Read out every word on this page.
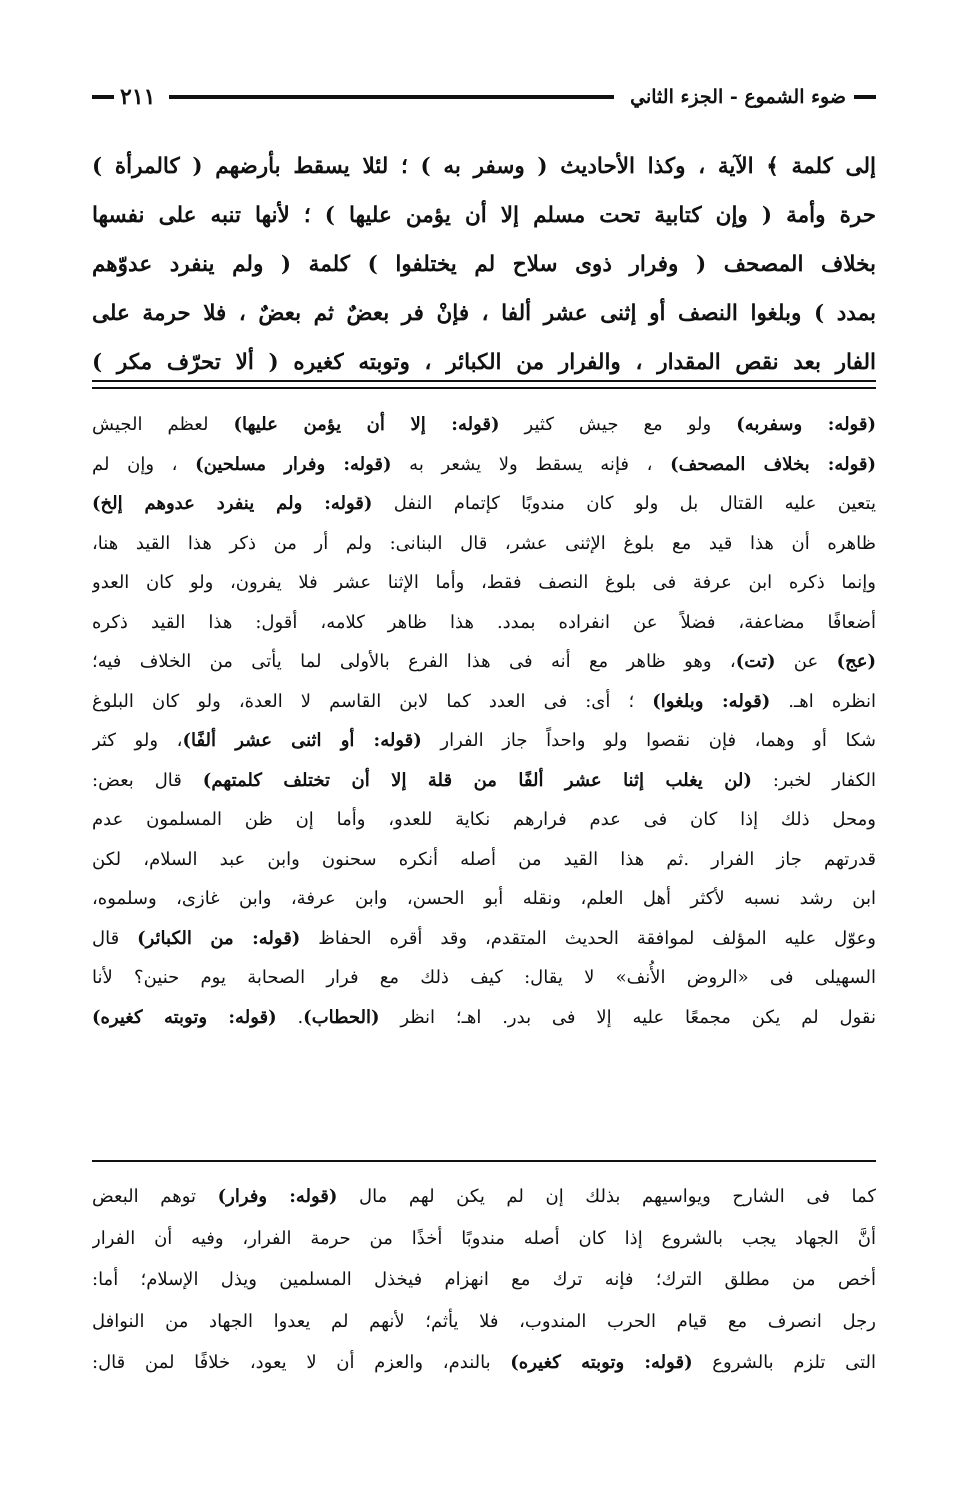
ضوء الشموع - الجزء الثاني
٢١١
إلى كلمة ﴾ الآية ، وكذا الأحاديث ( وسفر به ) ؛ لئلا يسقط بأرضهم ( كالمرأة )
حرة وأمة ( وإن كتابية تحت مسلم إلا أن يؤمن عليها ) ؛ لأنها تنبه على نفسها
بخلاف المصحف ( وفرار ذوى سلاح لم يختلفوا ) كلمة ( ولم ينفرد عدوّهم
بمدد ) وبلغوا النصف أو إثنى عشر ألفا ، فإنْ فر بعضٌ ثم بعضٌ ، فلا حرمة على
الفار بعد نقص المقدار ، والفرار من الكبائر ، وتوبته كغيره ( ألا تحرّف مكر )
(قوله: وسفربه) ولو مع جيش كثير (قوله: إلا أن يؤمن عليها) لعظم الجيش
(قوله: بخلاف المصحف) ، فإنه يسقط ولا يشعر به (قوله: وفرار مسلحين) ، وإن لم
يتعين عليه القتال بل ولو كان مندوبًا كإتمام النفل (قوله: ولم ينفرد عدوهم إلخ)
ظاهره أن هذا قيد مع بلوغ الإثنى عشر، قال البنانى: ولم أر من ذكر هذا القيد هنا،
وإنما ذكره ابن عرفة فى بلوغ النصف فقط، وأما الإثنا عشر فلا يفرون، ولو كان العدو
أضعافًا مضاعفة، فضلاً عن انفراده بمدد. هذا ظاهر كلامه، أقول: هذا القيد ذكره
(عج) عن (تت)، وهو ظاهر مع أنه فى هذا الفرع بالأولى لما يأتى من الخلاف فيه؛
انظره اهـ. (قوله: وبلغوا) ؛ أى: فى العدد كما لابن القاسم لا العدة، ولو كان البلوغ
شكا أو وهما، فإن نقصوا ولو واحداً جاز الفرار (قوله: أو اثنى عشر ألفًا)، ولو كثر
الكفار لخبر: (لن يغلب إثنا عشر ألفًا من قلة إلا أن تختلف كلمتهم) قال بعض:
ومحل ذلك إذا كان فى عدم فرارهم نكاية للعدو، وأما إن ظن المسلمون عدم
قدرتهم جاز الفرار .ثم هذا القيد من أصله أنكره سحنون وابن عبد السلام، لكن
ابن رشد نسبه لأكثر أهل العلم، ونقله أبو الحسن، وابن عرفة، وابن غازى، وسلموه،
وعوّل عليه المؤلف لموافقة الحديث المتقدم، وقد أقره الحفاظ (قوله: من الكبائر) قال
السهيلى فى «الروض الأُنف» لا يقال: كيف ذلك مع فرار الصحابة يوم حنين؟ لأنا
نقول لم يكن مجمعًا عليه إلا فى بدر. اهـ؛ انظر (الحطاب). (قوله: وتوبته كغيره)
كما فى الشارح ويواسيهم بذلك إن لم يكن لهم مال (قوله: وفرار) توهم البعض
أنَّ الجهاد يجب بالشروع إذا كان أصله مندوبًا أخذًا من حرمة الفرار، وفيه أن الفرار
أخص من مطلق الترك؛ فإنه ترك مع انهزام فيخذل المسلمين ويذل الإسلام؛ أما:
رجل انصرف مع قيام الحرب المندوب، فلا يأثم؛ لأنهم لم يعدوا الجهاد من النوافل
التى تلزم بالشروع (قوله: وتوبته كغيره) بالندم، والعزم أن لا يعود، خلافًا لمن قال:
